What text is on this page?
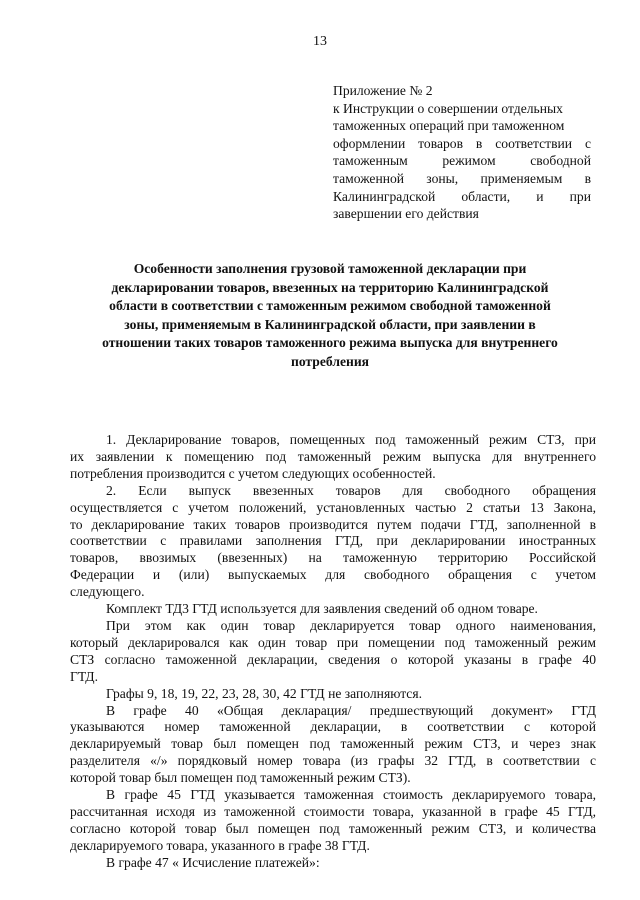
13
Приложение № 2
к Инструкции о совершении отдельных
таможенных операций при таможенном
оформлении товаров в соответствии с
таможенным режимом свободной
таможенной зоны, применяемым в
Калининградской области, и при
завершении его действия
Особенности заполнения грузовой таможенной декларации при
декларировании товаров, ввезенных на территорию Калининградской
области в соответствии с таможенным режимом свободной таможенной
зоны, применяемым в Калининградской области, при заявлении в
отношении таких товаров таможенного режима выпуска для внутреннего
потребления
1. Декларирование товаров, помещенных под таможенный режим СТЗ, при
их заявлении к помещению под таможенный режим выпуска для внутреннего
потребления производится с учетом следующих особенностей.
2. Если выпуск ввезенных товаров для свободного обращения
осуществляется с учетом положений, установленных частью 2 статьи 13 Закона,
то декларирование таких товаров производится путем подачи ГТД, заполненной в
соответствии с правилами заполнения ГТД, при декларировании иностранных
товаров, ввозимых (ввезенных) на таможенную территорию Российской
Федерации и (или) выпускаемых для свободного обращения с учетом
следующего.
Комплект ТД3 ГТД используется для заявления сведений об одном товаре.
При этом как один товар декларируется товар одного наименования,
который декларировался как один товар при помещении под таможенный режим
СТЗ согласно таможенной декларации, сведения о которой указаны в графе 40
ГТД.
Графы 9, 18, 19, 22, 23, 28, 30, 42 ГТД не заполняются.
В графе 40 «Общая декларация/ предшествующий документ» ГТД
указываются номер таможенной декларации, в соответствии с которой
декларируемый товар был помещен под таможенный режим СТЗ, и через знак
разделителя «/» порядковый номер товара (из графы 32 ГТД, в соответствии с
которой товар был помещен под таможенный режим СТЗ).
В графе 45 ГТД указывается таможенная стоимость декларируемого товара,
рассчитанная исходя из таможенной стоимости товара, указанной в графе 45 ГТД,
согласно которой товар был помещен под таможенный режим СТЗ, и количества
декларируемого товара, указанного в графе 38 ГТД.
В графе 47 « Исчисление платежей»:
